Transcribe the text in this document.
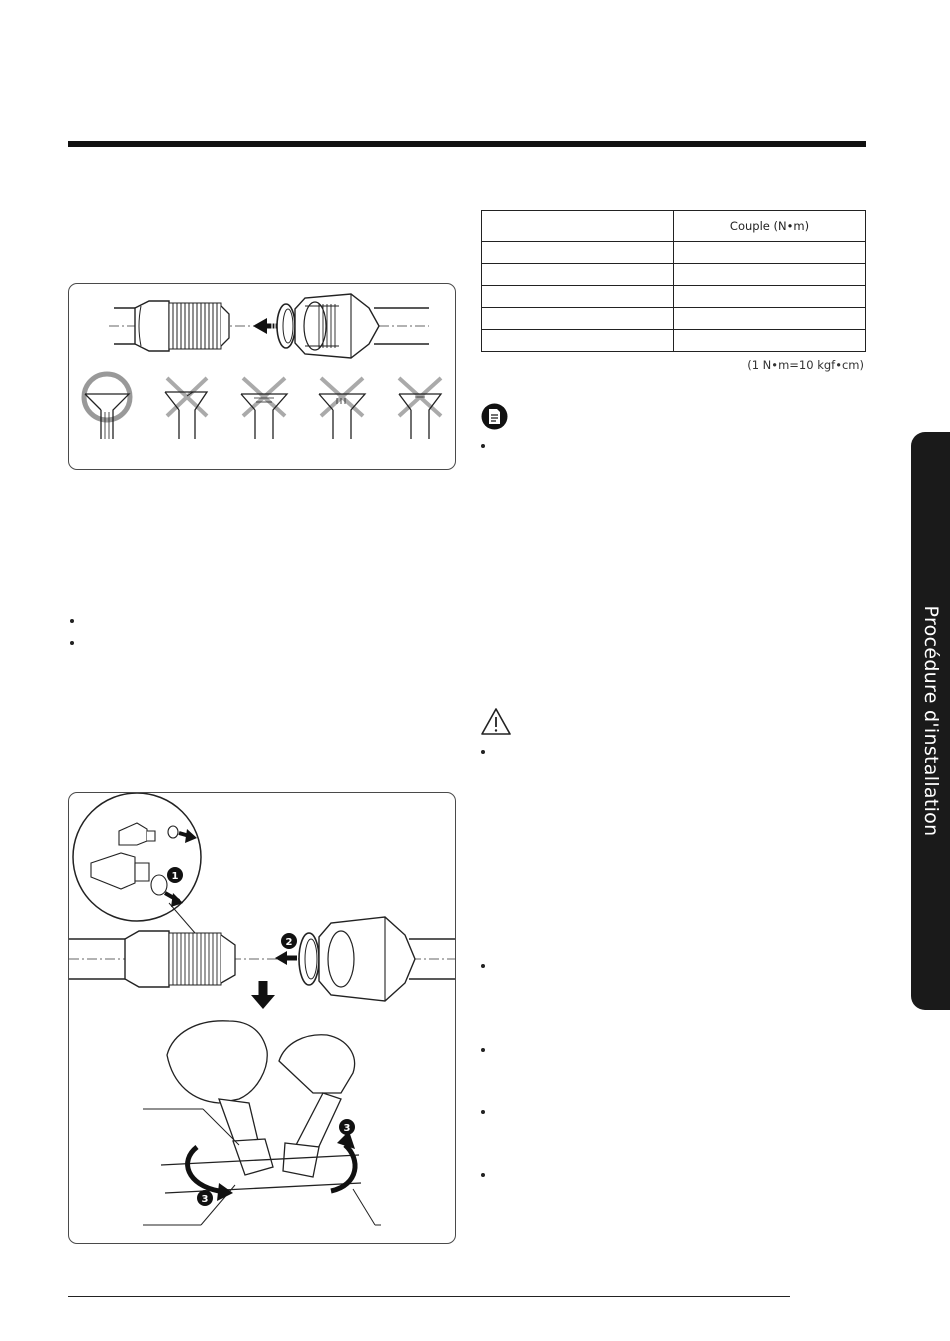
1
2
3
3
	Couple (N•m)

(1 N•m=10 kgf•cm)
Procédure d'installation
